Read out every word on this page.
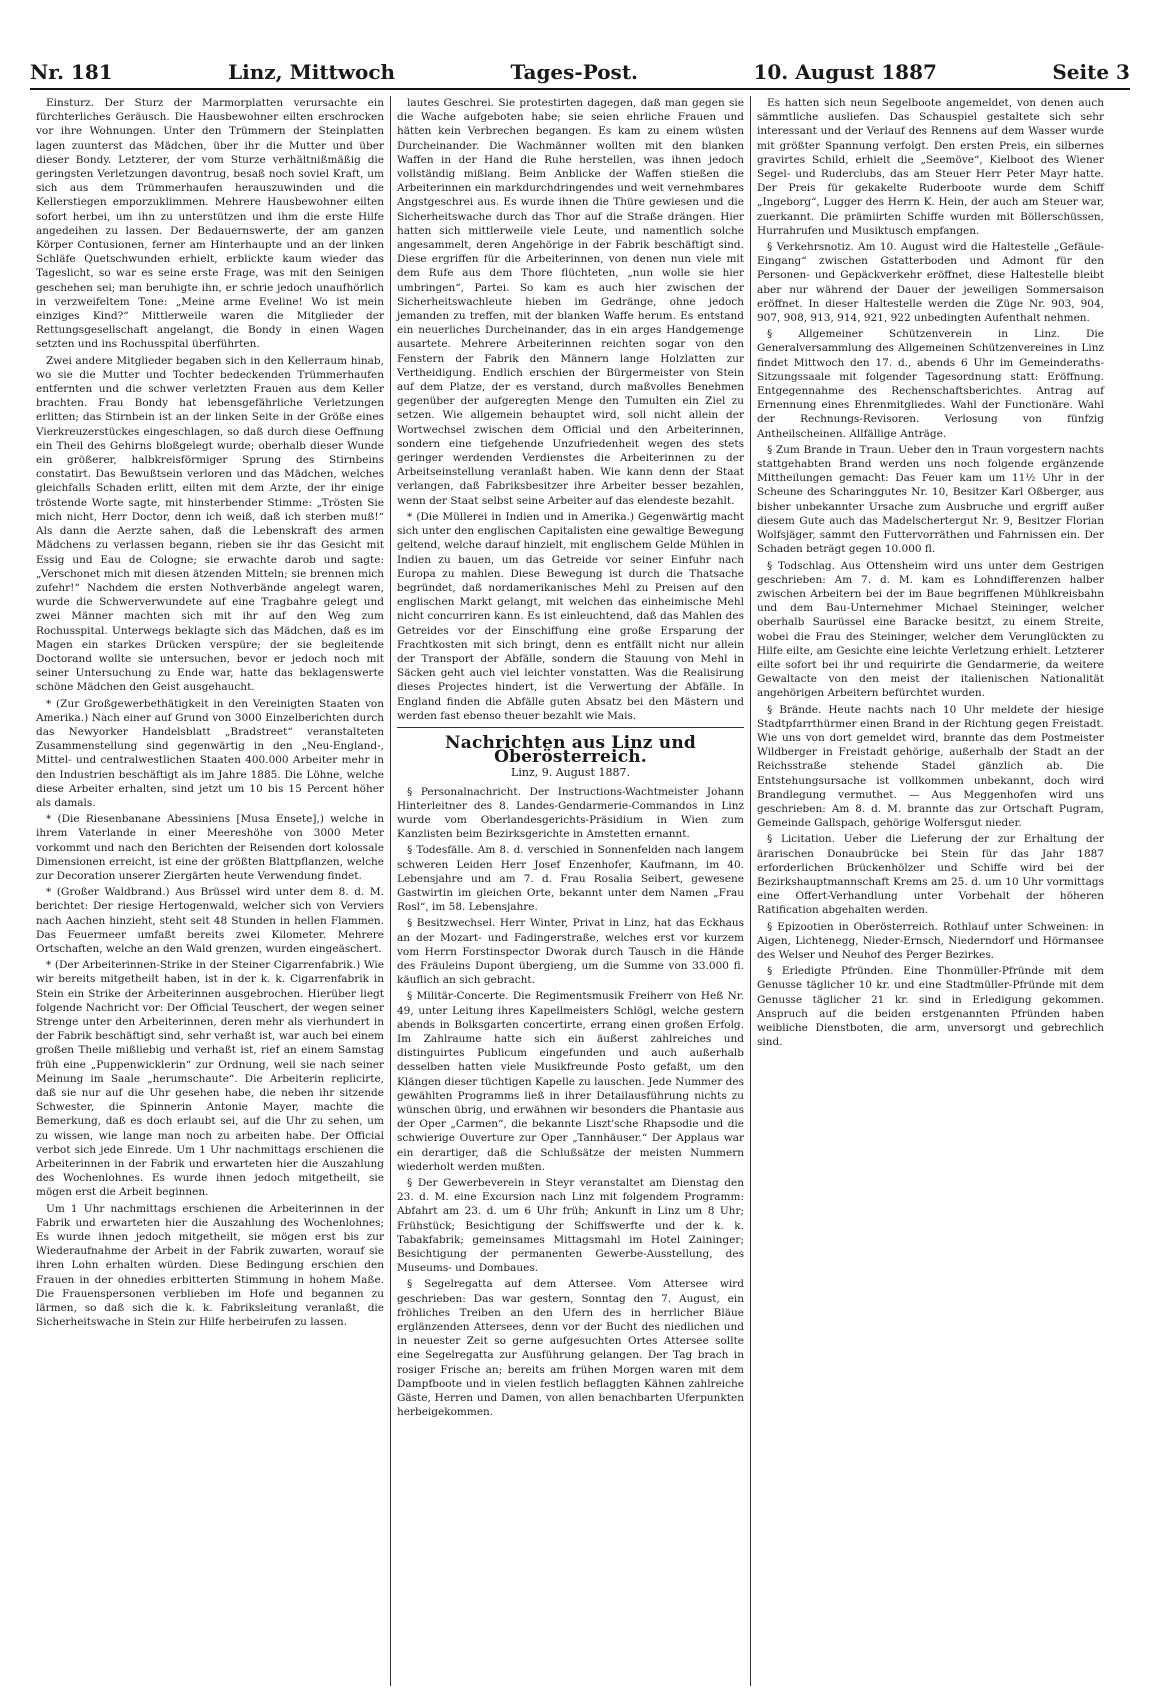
Nr. 181	Linz, Mittwoch	Tages-Post.	10. August 1887	Seite 3

Einsturz. Der Sturz der Marmorplatten verursachte ein fürchterliches Geräusch. Die Hausbewohner eilten erschrocken vor ihre Wohnungen. Unter den Trümmern der Steinplatten lagen zuunterst das Mädchen, über ihr die Mutter und über dieser Bondy. Letzterer, der vom Sturze verhältnißmäßig die geringsten Verletzungen davontrug, besaß noch soviel Kraft, um sich aus dem Trümmerhaufen herauszuwinden und die Kellerstiegen emporzuklimmen. Mehrere Hausbewohner eilten sofort herbei, um ihn zu unterstützen und ihm die erste Hilfe angedeihen zu lassen. Der Bedauernswerte, der am ganzen Körper Contusionen, ferner am Hinterhaupte und an der linken Schläfe Quetschwunden erhielt, erblickte kaum wieder das Tageslicht, so war es seine erste Frage, was mit den Seinigen geschehen sei; man beruhigte ihn, er schrie jedoch unaufhörlich in verzweifeltem Tone: „Meine arme Eveline! Wo ist mein einziges Kind?“ Mittlerweile waren die Mitglieder der Rettungsgesellschaft angelangt, die Bondy in einen Wagen setzten und ins Rochusspital überführten.

Zwei andere Mitglieder begaben sich in den Kellerraum hinab, wo sie die Mutter und Tochter bedeckenden Trümmerhaufen entfernten und die schwer verletzten Frauen aus dem Keller brachten. Frau Bondy hat lebensgefährliche Verletzungen erlitten; das Stirnbein ist an der linken Seite in der Größe eines Vierkreuzerstückes eingeschlagen, so daß durch diese Oeffnung ein Theil des Gehirns bloßgelegt wurde; oberhalb dieser Wunde ein größerer, halbkreisförmiger Sprung des Stirnbeins constatirt. Das Bewußtsein verloren und das Mädchen, welches gleichfalls Schaden erlitt, eilten mit dem Arzte, der ihr einige tröstende Worte sagte, mit hinsterbender Stimme: „Trösten Sie mich nicht, Herr Doctor, denn ich weiß, daß ich sterben muß!“ Als dann die Aerzte sahen, daß die Lebenskraft des armen Mädchens zu verlassen begann, rieben sie ihr das Gesicht mit Essig und Eau de Cologne; sie erwachte darob und sagte: „Verschonet mich mit diesen ätzenden Mitteln; sie brennen mich zufehr!“ Nachdem die ersten Nothverbände angelegt waren, wurde die Schwerverwundete auf eine Tragbahre gelegt und zwei Männer machten sich mit ihr auf den Weg zum Rochusspital. Unterwegs beklagte sich das Mädchen, daß es im Magen ein starkes Drücken verspüre; der sie begleitende Doctorand wollte sie untersuchen, bevor er jedoch noch mit seiner Untersuchung zu Ende war, hatte das beklagenswerte schöne Mädchen den Geist ausgehaucht.

* (Zur Großgewerbethätigkeit in den Vereinigten Staaten von Amerika.) Nach einer auf Grund von 3000 Einzelberichten durch das Newyorker Handelsblatt „Bradstreet“ veranstalteten Zusammenstellung sind gegenwärtig in den „Neu-England-, Mittel- und centralwestlichen Staaten 400.000 Arbeiter mehr in den Industrien beschäftigt als im Jahre 1885. Die Löhne, welche diese Arbeiter erhalten, sind jetzt um 10 bis 15 Percent höher als damals.

* (Die Riesenbanane Abessiniens [Musa Ensete],) welche in ihrem Vaterlande in einer Meereshöhe von 3000 Meter vorkommt und nach den Berichten der Reisenden dort kolossale Dimensionen erreicht, ist eine der größten Blattpflanzen, welche zur Decoration unserer Ziergärten heute Verwendung findet.

* (Großer Waldbrand.) Aus Brüssel wird unter dem 8. d. M. berichtet: Der riesige Hertogenwald, welcher sich von Verviers nach Aachen hinzieht, steht seit 48 Stunden in hellen Flammen. Das Feuermeer umfaßt bereits zwei Kilometer. Mehrere Ortschaften, welche an den Wald grenzen, wurden eingeäschert.

* (Der Arbeiterinnen-Strike in der Steiner Cigarrenfabrik.) Wie wir bereits mitgetheilt haben, ist in der k. k. Cigarrenfabrik in Stein ein Strike der Arbeiterinnen ausgebrochen. Hierüber liegt folgende Nachricht vor: Der Official Teuschert, der wegen seiner Strenge unter den Arbeiterinnen, deren mehr als vierhundert in der Fabrik beschäftigt sind, sehr verhaßt ist, war auch bei einem großen Theile mißliebig und verhaßt ist, rief an einem Samstag früh eine „Puppenwicklerin“ zur Ordnung, weil sie nach seiner Meinung im Saale „herumschaute“. Die Arbeiterin replicirte, daß sie nur auf die Uhr gesehen habe, die neben ihr sitzende Schwester, die Spinnerin Antonie Mayer, machte die Bemerkung, daß es doch erlaubt sei, auf die Uhr zu sehen, um zu wissen, wie lange man noch zu arbeiten habe. Der Official verbot sich jede Einrede. Um 1 Uhr nachmittags erschienen die Arbeiterinnen in der Fabrik und erwarteten hier die Auszahlung des Wochenlohnes. Es wurde ihnen jedoch mitgetheilt, sie mögen erst die Arbeit beginnen.

Um 1 Uhr nachmittags erschienen die Arbeiterinnen in der Fabrik und erwarteten hier die Auszahlung des Wochenlohnes; Es wurde ihnen jedoch mitgetheilt, sie mögen erst bis zur Wiederaufnahme der Arbeit in der Fabrik zuwarten, worauf sie ihren Lohn erhalten würden. Diese Bedingung erschien den Frauen in der ohnedies erbitterten Stimmung in hohem Maße. Die Frauenspersonen verblieben im Hofe und begannen zu lärmen, so daß sich die k. k. Fabriksleitung veranlaßt, die Sicherheitswache in Stein zur Hilfe herbeirufen zu lassen.

lautes Geschrei. Sie protestirten dagegen, daß man gegen sie die Wache aufgeboten habe; sie seien ehrliche Frauen und hätten kein Verbrechen begangen. Es kam zu einem wüsten Durcheinander. Die Wachmänner wollten mit den blanken Waffen in der Hand die Ruhe herstellen, was ihnen jedoch vollständig mißlang. Beim Anblicke der Waffen stießen die Arbeiterinnen ein markdurchdringendes und weit vernehmbares Angstgeschrei aus. Es wurde ihnen die Thüre gewiesen und die Sicherheitswache durch das Thor auf die Straße drängen. Hier hatten sich mittlerweile viele Leute, und namentlich solche angesammelt, deren Angehörige in der Fabrik beschäftigt sind. Diese ergriffen für die Arbeiterinnen, von denen nun viele mit dem Rufe aus dem Thore flüchteten, „nun wolle sie hier umbringen“, Partei. So kam es auch hier zwischen der Sicherheitswachleute hieben im Gedränge, ohne jedoch jemanden zu treffen, mit der blanken Waffe herum. Es entstand ein neuerliches Durcheinander, das in ein arges Handgemenge ausartete. Mehrere Arbeiterinnen reichten sogar von den Fenstern der Fabrik den Männern lange Holzlatten zur Vertheidigung. Endlich erschien der Bürgermeister von Stein auf dem Platze, der es verstand, durch maßvolles Benehmen gegenüber der aufgeregten Menge den Tumulten ein Ziel zu setzen. Wie allgemein behauptet wird, soll nicht allein der Wortwechsel zwischen dem Official und den Arbeiterinnen, sondern eine tiefgehende Unzufriedenheit wegen des stets geringer werdenden Verdienstes die Arbeiterinnen zu der Arbeitseinstellung veranlaßt haben. Wie kann denn der Staat verlangen, daß Fabriksbesitzer ihre Arbeiter besser bezahlen, wenn der Staat selbst seine Arbeiter auf das elendeste bezahlt.

* (Die Müllerei in Indien und in Amerika.) Gegenwärtig macht sich unter den englischen Capitalisten eine gewaltige Bewegung geltend, welche darauf hinzielt, mit englischem Gelde Mühlen in Indien zu bauen, um das Getreide vor seiner Einfuhr nach Europa zu mahlen. Diese Bewegung ist durch die Thatsache begründet, daß nordamerikanisches Mehl zu Preisen auf den englischen Markt gelangt, mit welchen das einheimische Mehl nicht concurriren kann. Es ist einleuchtend, daß das Mahlen des Getreides vor der Einschiffung eine große Ersparung der Frachtkosten mit sich bringt, denn es entfällt nicht nur allein der Transport der Abfälle, sondern die Stauung von Mehl in Säcken geht auch viel leichter vonstatten. Was die Realisirung dieses Projectes hindert, ist die Verwertung der Abfälle. In England finden die Abfälle guten Absatz bei den Mästern und werden fast ebenso theuer bezahlt wie Mais.

Nachrichten aus Linz und Oberösterreich.
Linz, 9. August 1887.

§ Personalnachricht. Der Instructions-Wachtmeister Johann Hinterleitner des 8. Landes-Gendarmerie-Commandos in Linz wurde vom Oberlandesgerichts-Präsidium in Wien zum Kanzlisten beim Bezirksgerichte in Amstetten ernannt.

§ Todesfälle. Am 8. d. verschied in Sonnenfelden nach langem schweren Leiden Herr Josef Enzenhofer, Kaufmann, im 40. Lebensjahre und am 7. d. Frau Rosalia Seibert, gewesene Gastwirtin im gleichen Orte, bekannt unter dem Namen „Frau Rosl“, im 58. Lebensjahre.

§ Besitzwechsel. Herr Winter, Privat in Linz, hat das Eckhaus an der Mozart- und Fadingerstraße, welches erst vor kurzem vom Herrn Forstinspector Dworak durch Tausch in die Hände des Fräuleins Dupont übergieng, um die Summe von 33.000 fl. käuflich an sich gebracht.

§ Militär-Concerte. Die Regimentsmusik Freiherr von Heß Nr. 49, unter Leitung ihres Kapellmeisters Schlögl, welche gestern abends in Bolksgarten concertirte, errang einen großen Erfolg. Im Zahlraume hatte sich ein äußerst zahlreiches und distinguirtes Publicum eingefunden und auch außerhalb desselben hatten viele Musikfreunde Posto gefaßt, um den Klängen dieser tüchtigen Kapelle zu lauschen. Jede Nummer des gewählten Programms ließ in ihrer Detailausführung nichts zu wünschen übrig, und erwähnen wir besonders die Phantasie aus der Oper „Carmen“, die bekannte Liszt'sche Rhapsodie und die schwierige Ouverture zur Oper „Tannhäuser.“ Der Applaus war ein derartiger, daß die Schlußsätze der meisten Nummern wiederholt werden mußten.

§ Der Gewerbeverein in Steyr veranstaltet am Dienstag den 23. d. M. eine Excursion nach Linz mit folgendem Programm: Abfahrt am 23. d. um 6 Uhr früh; Ankunft in Linz um 8 Uhr; Frühstück; Besichtigung der Schiffswerfte und der k. k. Tabakfabrik; gemeinsames Mittagsmahl im Hotel Zaininger; Besichtigung der permanenten Gewerbe-Ausstellung, des Museums- und Dombaues.

§ Segelregatta auf dem Attersee. Vom Attersee wird geschrieben: Das war gestern, Sonntag den 7. August, ein fröhliches Treiben an den Ufern des in herrlicher Bläue erglänzenden Attersees, denn vor der Bucht des niedlichen und in neuester Zeit so gerne aufgesuchten Ortes Attersee sollte eine Segelregatta zur Ausführung gelangen. Der Tag brach in rosiger Frische an; bereits am frühen Morgen waren mit dem Dampfboote und in vielen festlich beflaggten Kähnen zahlreiche Gäste, Herren und Damen, von allen benachbarten Uferpunkten herbeigekommen.

Es hatten sich neun Segelboote angemeldet, von denen auch sämmtliche ausliefen. Das Schauspiel gestaltete sich sehr interessant und der Verlauf des Rennens auf dem Wasser wurde mit größter Spannung verfolgt. Den ersten Preis, ein silbernes gravirtes Schild, erhielt die „Seemöve“, Kielboot des Wiener Segel- und Ruderclubs, das am Steuer Herr Peter Mayr hatte. Der Preis für gekakelte Ruderboote wurde dem Schiff „Ingeborg“, Lugger des Herrn K. Hein, der auch am Steuer war, zuerkannt. Die prämiirten Schiffe wurden mit Böllerschüssen, Hurrahrufen und Musiktusch empfangen.

§ Verkehrsnotiz. Am 10. August wird die Haltestelle „Gefäule-Eingang“ zwischen Gstatterboden und Admont für den Personen- und Gepäckverkehr eröffnet, diese Haltestelle bleibt aber nur während der Dauer der jeweiligen Sommersaison eröffnet. In dieser Haltestelle werden die Züge Nr. 903, 904, 907, 908, 913, 914, 921, 922 unbedingten Aufenthalt nehmen.

§ Allgemeiner Schützenverein in Linz. Die Generalversammlung des Allgemeinen Schützenvereines in Linz findet Mittwoch den 17. d., abends 6 Uhr im Gemeinderaths-Sitzungssaale mit folgender Tagesordnung statt: Eröffnung. Entgegennahme des Rechenschaftsberichtes. Antrag auf Ernennung eines Ehrenmitgliedes. Wahl der Functionäre. Wahl der Rechnungs-Revisoren. Verlosung von fünfzig Antheilscheinen. Allfällige Anträge.

§ Zum Brande in Traun. Ueber den in Traun vorgestern nachts stattgehabten Brand werden uns noch folgende ergänzende Mittheilungen gemacht: Das Feuer kam um 11½ Uhr in der Scheune des Scharinggutes Nr. 10, Besitzer Karl Oßberger, aus bisher unbekannter Ursache zum Ausbruche und ergriff außer diesem Gute auch das Madelschertergut Nr. 9, Besitzer Florian Wolfsjäger, sammt den Futtervorräthen und Fahrnissen ein. Der Schaden beträgt gegen 10.000 fl.

§ Todschlag. Aus Ottensheim wird uns unter dem Gestrigen geschrieben: Am 7. d. M. kam es Lohndifferenzen halber zwischen Arbeitern bei der im Baue begriffenen Mühlkreisbahn und dem Bau-Unternehmer Michael Steininger, welcher oberhalb Saurüssel eine Baracke besitzt, zu einem Streite, wobei die Frau des Steininger, welcher dem Verunglückten zu Hilfe eilte, am Gesichte eine leichte Verletzung erhielt. Letzterer eilte sofort bei ihr und requirirte die Gendarmerie, da weitere Gewaltacte von den meist der italienischen Nationalität angehörigen Arbeitern befürchtet wurden.

§ Brände. Heute nachts nach 10 Uhr meldete der hiesige Stadtpfarrthürmer einen Brand in der Richtung gegen Freistadt. Wie uns von dort gemeldet wird, brannte das dem Postmeister Wildberger in Freistadt gehörige, außerhalb der Stadt an der Reichsstraße stehende Stadel gänzlich ab. Die Entstehungsursache ist vollkommen unbekannt, doch wird Brandlegung vermuthet. — Aus Meggenhofen wird uns geschrieben: Am 8. d. M. brannte das zur Ortschaft Pugram, Gemeinde Gallspach, gehörige Wolfersgut nieder.

§ Licitation. Ueber die Lieferung der zur Erhaltung der ärarischen Donaubrücke bei Stein für das Jahr 1887 erforderlichen Brückenhölzer und Schiffe wird bei der Bezirkshauptmannschaft Krems am 25. d. um 10 Uhr vormittags eine Offert-Verhandlung unter Vorbehalt der höheren Ratification abgehalten werden.

§ Epizootien in Oberösterreich. Rothlauf unter Schweinen: in Aigen, Lichtenegg, Nieder-Ernsch, Niederndorf und Hörmansee des Welser und Neuhof des Perger Bezirkes.

§ Erledigte Pfründen. Eine Thonmüller-Pfründe mit dem Genusse täglicher 10 kr. und eine Stadtmüller-Pfründe mit dem Genusse täglicher 21 kr. sind in Erledigung gekommen. Anspruch auf die beiden erstgenannten Pfründen haben weibliche Dienstboten, die arm, unversorgt und gebrechlich sind.
